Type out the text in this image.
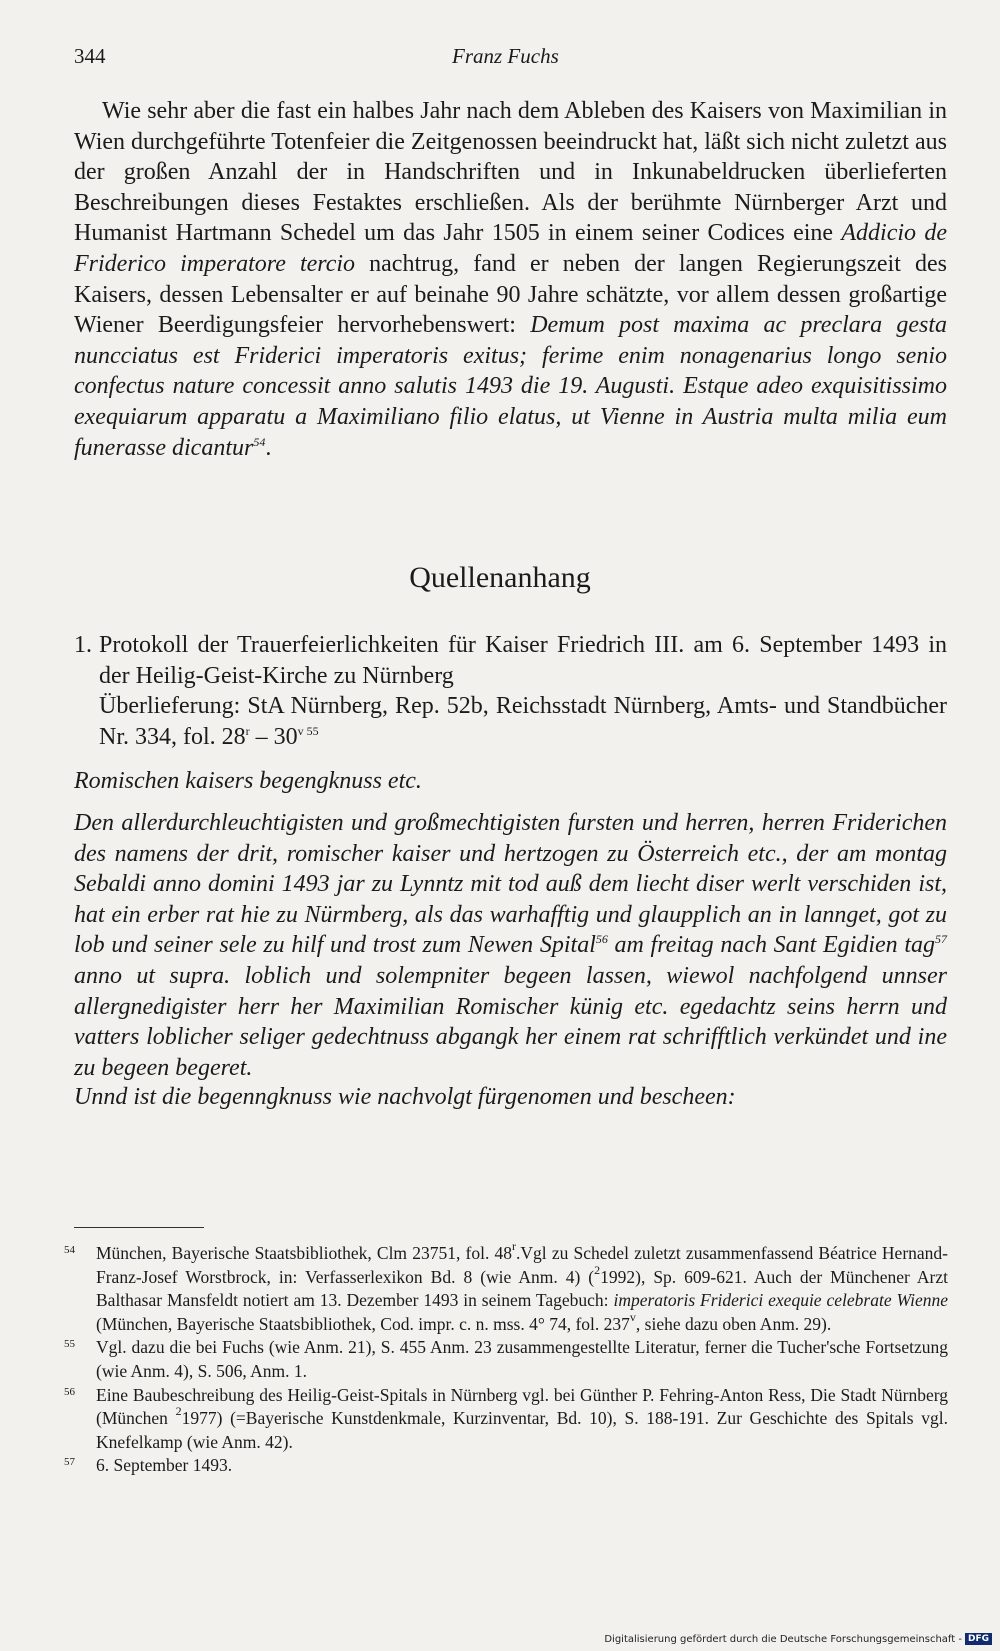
344	Franz Fuchs

Wie sehr aber die fast ein halbes Jahr nach dem Ableben des Kaisers von Maximilian in Wien durchgeführte Totenfeier die Zeitgenossen beeindruckt hat, läßt sich nicht zuletzt aus der großen Anzahl der in Handschriften und in Inkunabeldrucken überlieferten Beschreibungen dieses Festaktes erschließen. Als der berühmte Nürnberger Arzt und Humanist Hartmann Schedel um das Jahr 1505 in einem seiner Codices eine Addicio de Friderico imperatore tercio nachtrug, fand er neben der langen Regierungszeit des Kaisers, dessen Lebensalter er auf beinahe 90 Jahre schätzte, vor allem dessen großartige Wiener Beerdigungsfeier hervorhebenswert: Demum post maxima ac preclara gesta nuncciatus est Friderici imperatoris exitus; ferime enim nonagenarius longo senio confectus nature concessit anno salutis 1493 die 19. Augusti. Estque adeo exquisitissimo exequiarum apparatu a Maximiliano filio elatus, ut Vienne in Austria multa milia eum funerasse dicantur$^{54}$.

Quellenanhang
1. Protokoll der Trauerfeierlichkeiten für Kaiser Friedrich III. am 6. September 1493 in der Heilig-Geist-Kirche zu Nürnberg
Überlieferung: StA Nürnberg, Rep. 52b, Reichsstadt Nürnberg, Amts- und Standbücher Nr. 334, fol. 28$^r$ – 30$^v$ $^{55}$
Romischen kaisers begengknuss etc.

Den allerdurchleuchtigisten und großmechtigisten fursten und herren, herren Friderichen des namens der drit, romischer kaiser und hertzogen zu Österreich etc., der am montag Sebaldi anno domini 1493 jar zu Lynntz mit tod auß dem liecht diser werlt verschiden ist, hat ein erber rat hie zu Nürmberg, als das warhafftig und glaupplich an in lannget, got zu lob und seiner sele zu hilf und trost zum Newen Spital$^{56}$ am freitag nach Sant Egidien tag$^{57}$ anno ut supra. loblich und solempniter begeen lassen, wiewol nachfolgend unnser allergnedigister herr her Maximilian Romischer künig etc. egedachtz seins herrn und vatters loblicher seliger gedechtnuss abgangk her einem rat schrifftlich verkündet und ine zu begeen begeret.

Unnd ist die begenngknuss wie nachvolgt fürgenomen und bescheen:
54 München, Bayerische Staatsbibliothek, Clm 23751, fol. 48$^r$.Vgl zu Schedel zuletzt zusammenfassend Béatrice Hernand-Franz-Josef Worstbrock, in: Verfasserlexikon Bd. 8 (wie Anm. 4) ($^2$1992), Sp. 609-621. Auch der Münchener Arzt Balthasar Mansfeldt notiert am 13. Dezember 1493 in seinem Tagebuch: imperatoris Friderici exequie celebrate Wienne (München, Bayerische Staatsbibliothek, Cod. impr. c. n. mss. 4° 74, fol. 237$^v$, siehe dazu oben Anm. 29).
55 Vgl. dazu die bei Fuchs (wie Anm. 21), S. 455 Anm. 23 zusammengestellte Literatur, ferner die Tucher'sche Fortsetzung (wie Anm. 4), S. 506, Anm. 1.
56 Eine Baubeschreibung des Heilig-Geist-Spitals in Nürnberg vgl. bei Günther P. Fehring-Anton Ress, Die Stadt Nürnberg (München $^2$1977) (=Bayerische Kunstdenkmale, Kurzinventar, Bd. 10), S. 188-191. Zur Geschichte des Spitals vgl. Knefelkamp (wie Anm. 42).
57 6. September 1493.
Digitalisierung gefördert durch die Deutsche Forschungsgemeinschaft - DFG
